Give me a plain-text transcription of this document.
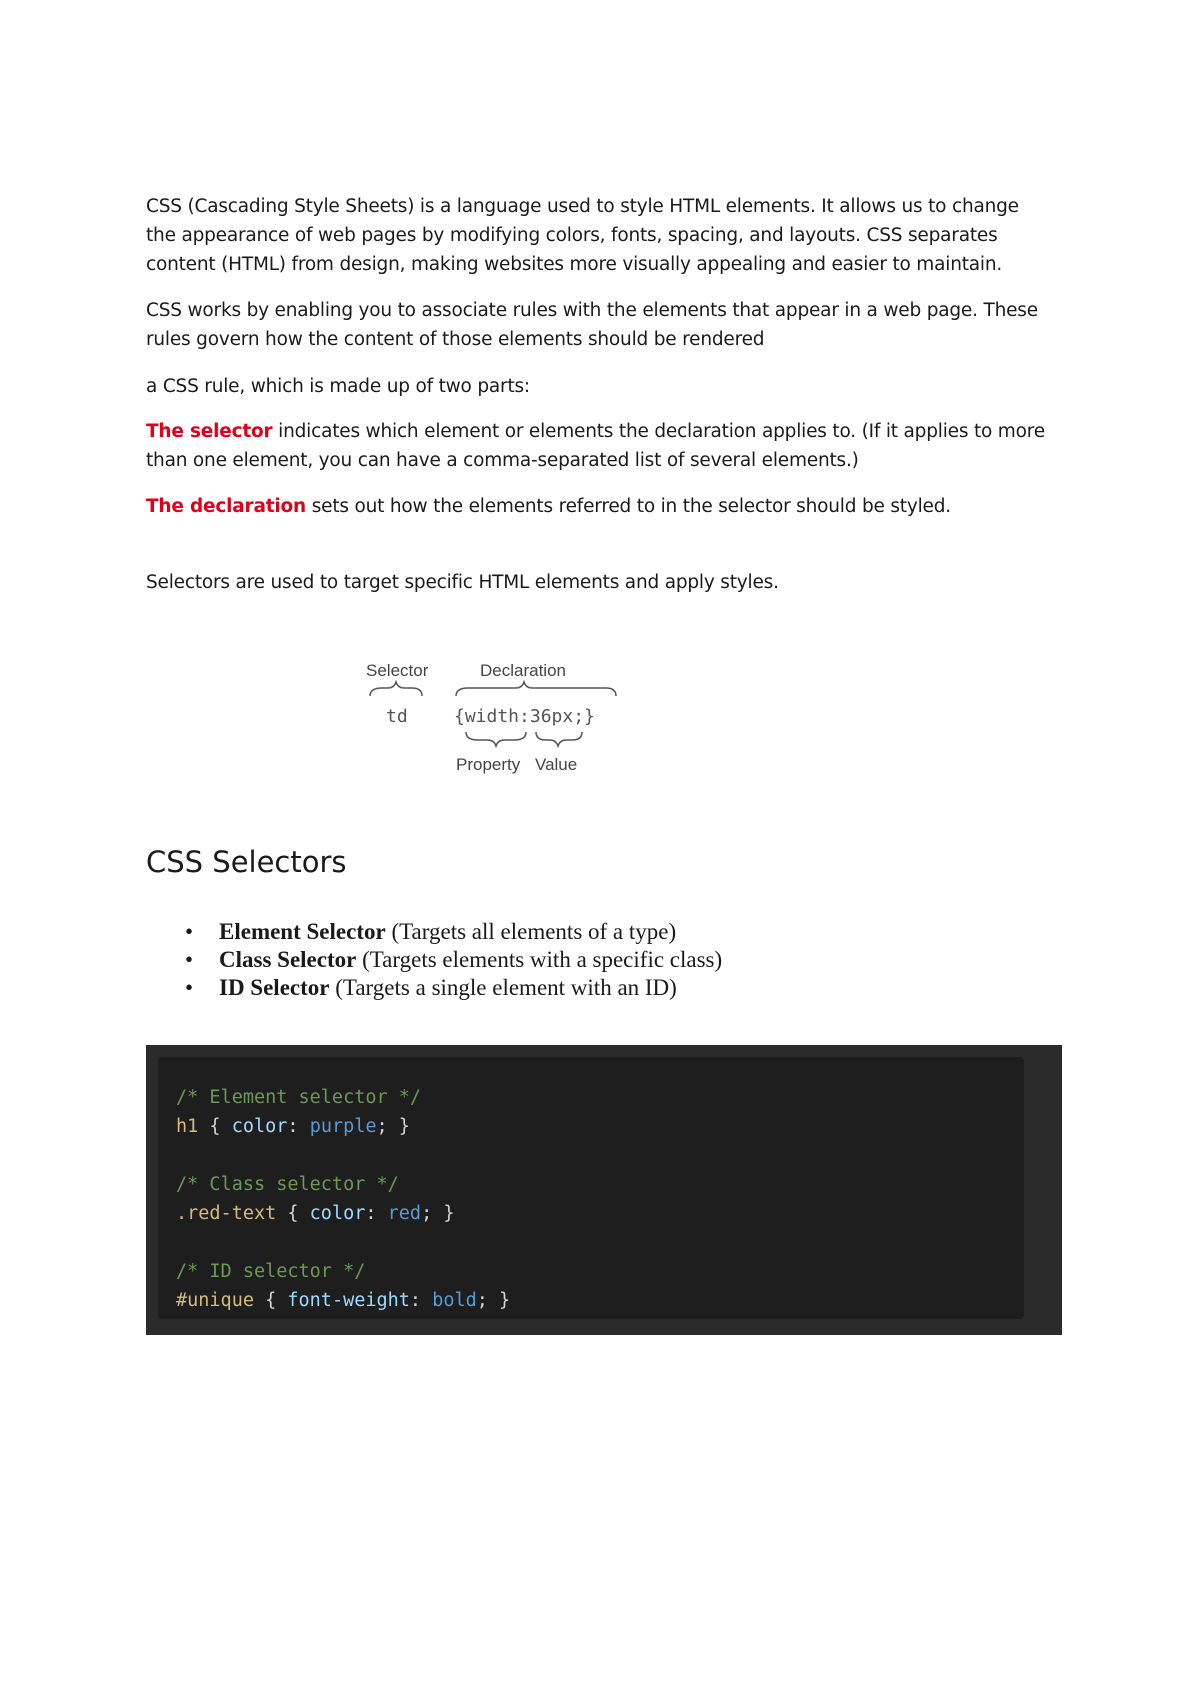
CSS (Cascading Style Sheets) is a language used to style HTML elements. It allows us to change the appearance of web pages by modifying colors, fonts, spacing, and layouts. CSS separates content (HTML) from design, making websites more visually appealing and easier to maintain.

CSS works by enabling you to associate rules with the elements that appear in a web page. These rules govern how the content of those elements should be rendered

a CSS rule, which is made up of two parts:

The selector indicates which element or elements the declaration applies to. (If it applies to more than one element, you can have a comma-separated list of several elements.)

The declaration sets out how the elements referred to in the selector should be styled.

Selectors are used to target specific HTML elements and apply styles.

Selector	Declaration
td	{width:36px;}
Property Value
CSS Selectors
• Element Selector (Targets all elements of a type)
• Class Selector (Targets elements with a specific class)
• ID Selector (Targets a single element with an ID)
/* Element selector */
h1 { color: purple; }

/* Class selector */
.red-text { color: red; }

/* ID selector */
#unique { font-weight: bold; }
